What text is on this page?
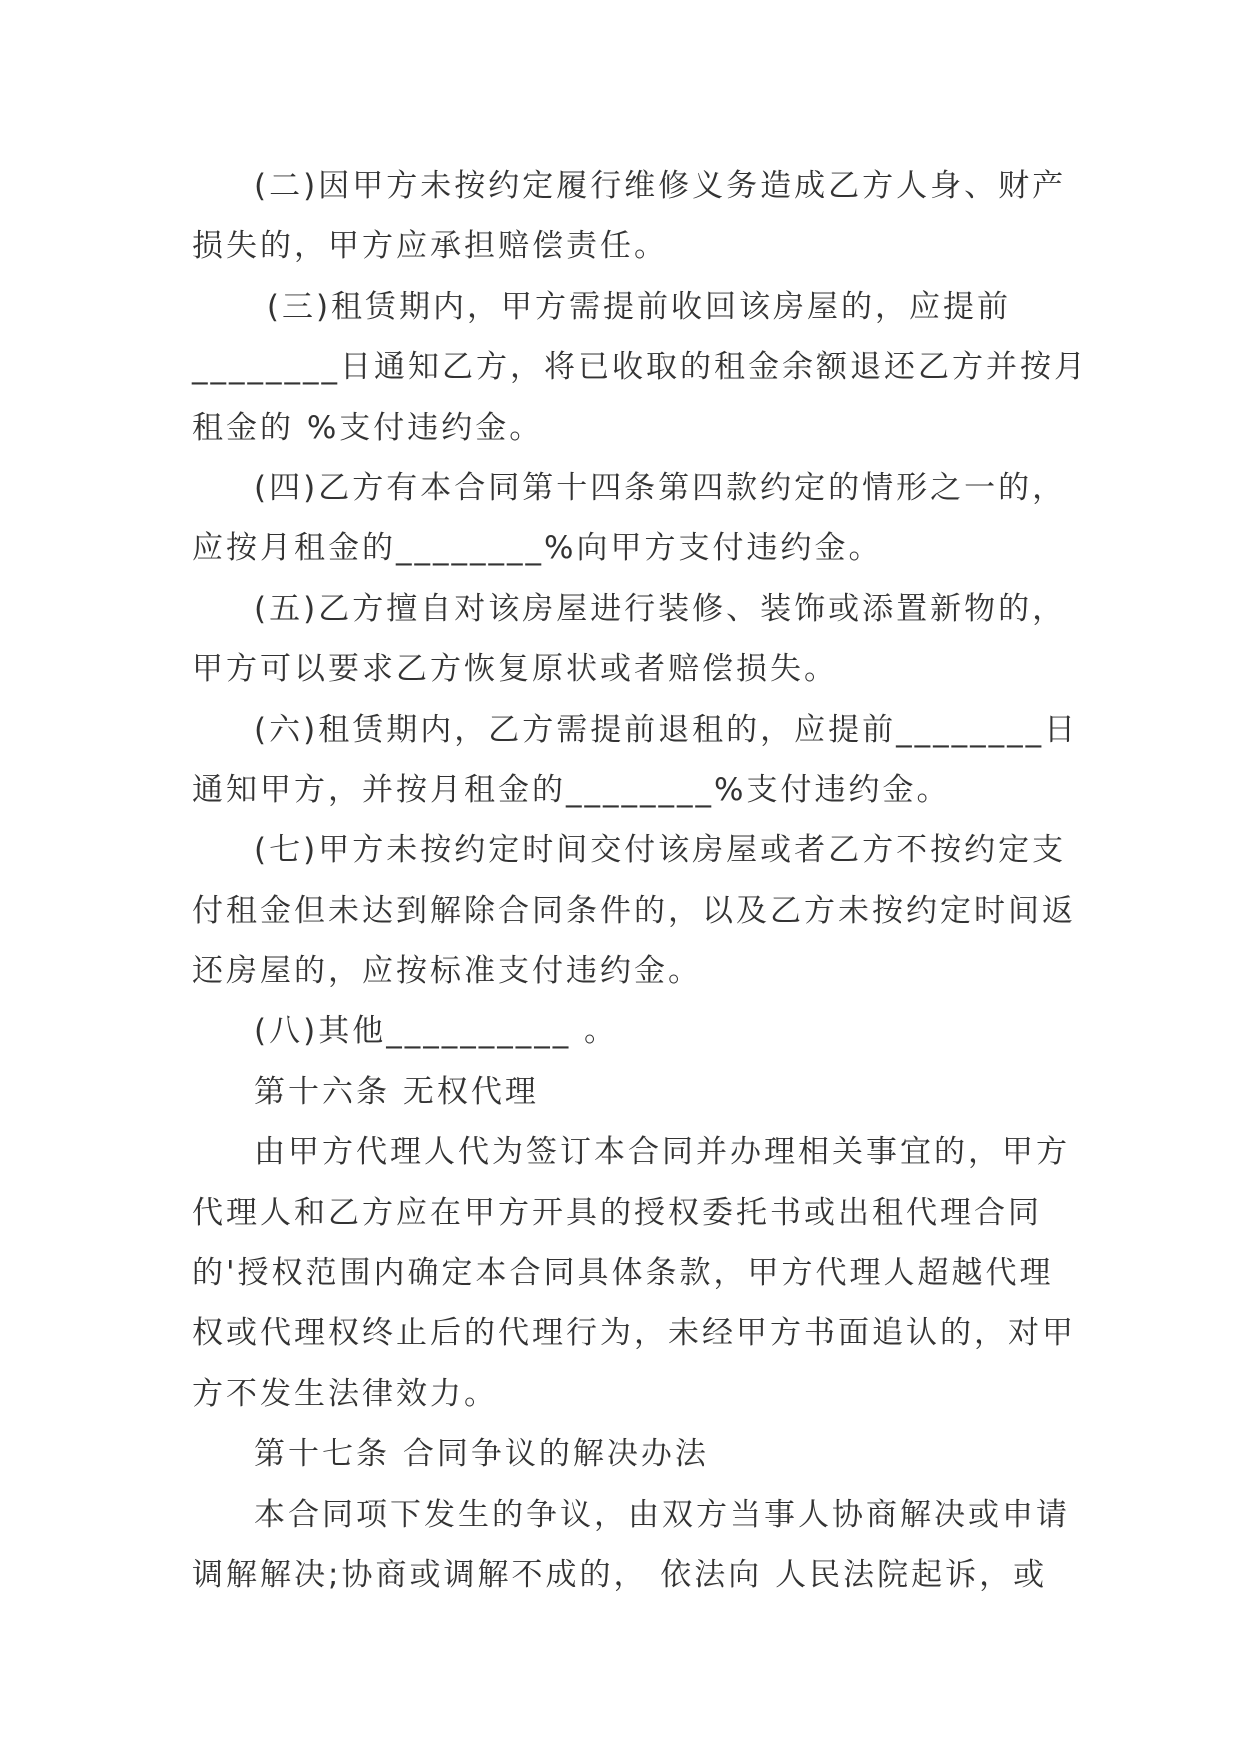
(二)因甲方未按约定履行维修义务造成乙方人身、财产
损失的，甲方应承担赔偿责任。
(三)租赁期内，甲方需提前收回该房屋的，应提前
________日通知乙方，将已收取的租金余额退还乙方并按月
租金的 %支付违约金。
(四)乙方有本合同第十四条第四款约定的情形之一的，
应按月租金的________%向甲方支付违约金。
(五)乙方擅自对该房屋进行装修、装饰或添置新物的，
甲方可以要求乙方恢复原状或者赔偿损失。
(六)租赁期内，乙方需提前退租的，应提前________日
通知甲方，并按月租金的________%支付违约金。
(七)甲方未按约定时间交付该房屋或者乙方不按约定支
付租金但未达到解除合同条件的，以及乙方未按约定时间返
还房屋的，应按标准支付违约金。
(八)其他__________ 。
第十六条 无权代理
由甲方代理人代为签订本合同并办理相关事宜的，甲方
代理人和乙方应在甲方开具的授权委托书或出租代理合同
的'授权范围内确定本合同具体条款，甲方代理人超越代理
权或代理权终止后的代理行为，未经甲方书面追认的，对甲
方不发生法律效力。
第十七条 合同争议的解决办法
本合同项下发生的争议，由双方当事人协商解决或申请
调解解决;协商或调解不成的， 依法向 人民法院起诉，或
